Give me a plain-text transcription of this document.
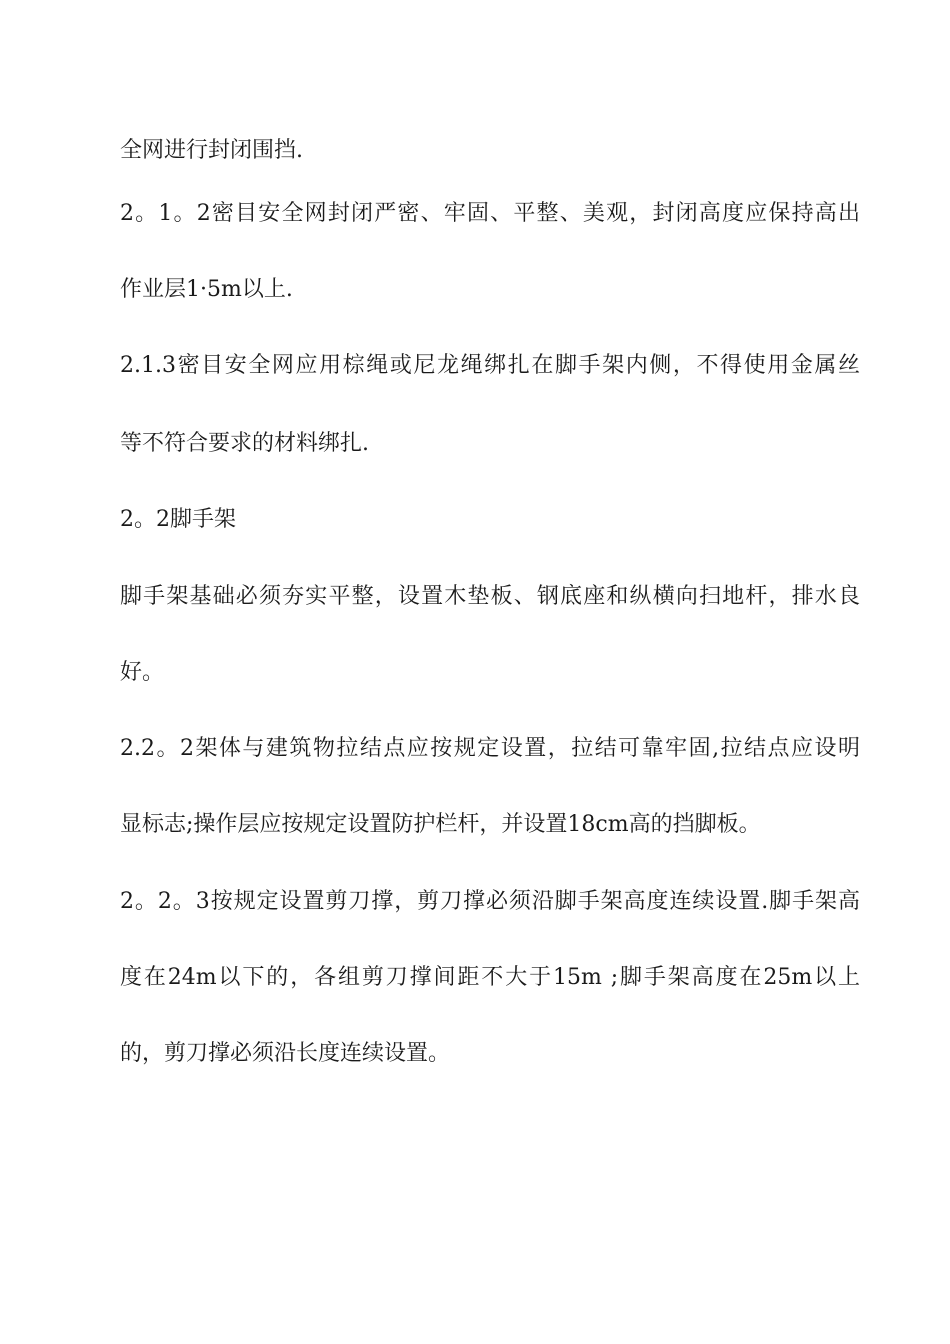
全网进行封闭围挡.
2。1。2密目安全网封闭严密、牢固、平整、美观，封闭高度应保持高出
作业层1·5m以上.
2.1.3密目安全网应用棕绳或尼龙绳绑扎在脚手架内侧，不得使用金属丝
等不符合要求的材料绑扎.
2。2脚手架
脚手架基础必须夯实平整，设置木垫板、钢底座和纵横向扫地杆，排水良
好。
2.2。2架体与建筑物拉结点应按规定设置，拉结可靠牢固,拉结点应设明
显标志;操作层应按规定设置防护栏杆，并设置18cm高的挡脚板。
2。2。3按规定设置剪刀撑，剪刀撑必须沿脚手架高度连续设置.脚手架高
度在24m以下的，各组剪刀撑间距不大于15m ;脚手架高度在25m以上
的，剪刀撑必须沿长度连续设置。
